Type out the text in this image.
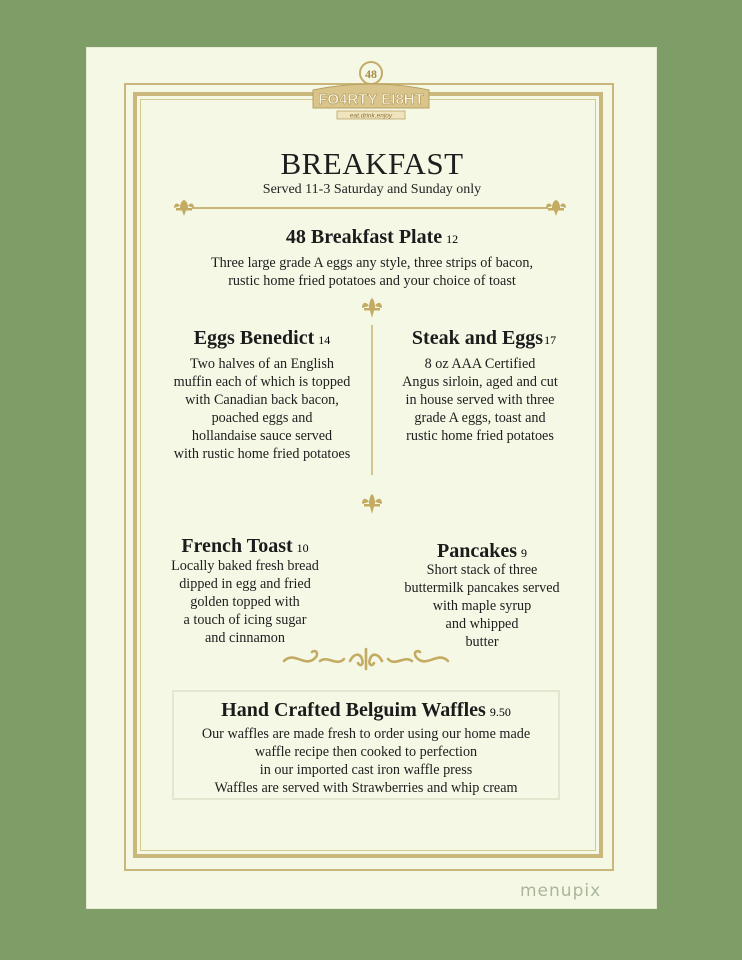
48
FO4RTY EI8HT
eat.drink.enjoy
BREAKFAST
Served 11-3 Saturday and Sunday only
48 Breakfast Plate 12
Three large grade A eggs any style, three strips of bacon,
rustic home fried potatoes and your choice of toast
Eggs Benedict 14
Two halves of an English
muffin each of which is topped
with Canadian back bacon,
poached eggs and
hollandaise sauce served
with rustic home fried potatoes
Steak and Eggs17
8 oz AAA Certified
Angus sirloin, aged and cut
in house served with three
grade A eggs, toast and
rustic home fried potatoes
French Toast 10
Locally baked fresh bread
dipped in egg and fried
golden topped with
a touch of icing sugar
and cinnamon
Pancakes 9
Short stack of three
buttermilk pancakes served
with maple syrup
and whipped
butter
Hand Crafted Belguim Waffles 9.50
Our waffles are made fresh to order using our home made
waffle recipe then cooked to perfection
in our imported cast iron waffle press
Waffles are served with Strawberries and whip cream
menupix
